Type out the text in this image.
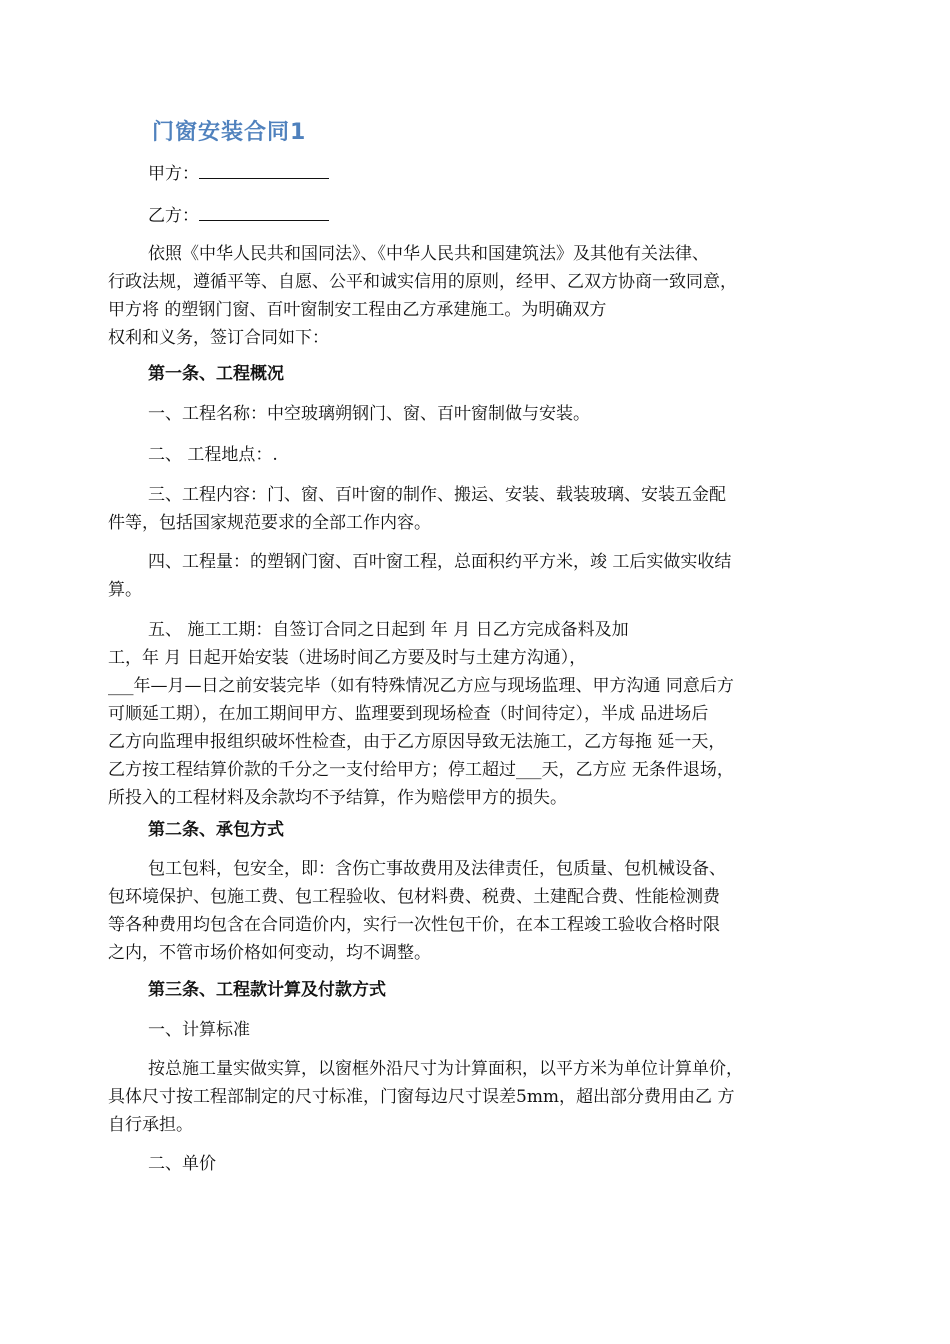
门窗安装合同1
甲方：
乙方：
依照《中华人民共和国同法》、《中华人民共和国建筑法》及其他有关法律、
行政法规，遵循平等、自愿、公平和诚实信用的原则，经甲、乙双方协商一致同意，
甲方将 的塑钢门窗、百叶窗制安工程由乙方承建施工。为明确双方
权利和义务，签订合同如下：
第一条、工程概况
一、工程名称：中空玻璃朔钢门、窗、百叶窗制做与安装。
二、 工程地点：.
三、工程内容：门、窗、百叶窗的制作、搬运、安装、载装玻璃、安装五金配
件等，包括国家规范要求的全部工作内容。
四、工程量：的塑钢门窗、百叶窗工程，总面积约平方米，竣 工后实做实收结
算。
五、 施工工期：自签订合同之日起到 年 月 日乙方完成备料及加
工，年 月 日起开始安装（进场时间乙方要及时与土建方沟通），
___年—月—日之前安装完毕（如有特殊情况乙方应与现场监理、甲方沟通 同意后方
可顺延工期），在加工期间甲方、监理要到现场检查（时间待定），半成 品进场后
乙方向监理申报组织破坏性检查，由于乙方原因导致无法施工，乙方每拖 延一天，
乙方按工程结算价款的千分之一支付给甲方；停工超过___天，乙方应 无条件退场，
所投入的工程材料及余款均不予结算，作为赔偿甲方的损失。
第二条、承包方式
包工包料，包安全，即：含伤亡事故费用及法律责任，包质量、包机械设备、
包环境保护、包施工费、包工程验收、包材料费、税费、土建配合费、性能检测费
等各种费用均包含在合同造价内，实行一次性包干价，在本工程竣工验收合格时限
之内，不管市场价格如何变动，均不调整。
第三条、工程款计算及付款方式
一、计算标准
按总施工量实做实算，以窗框外沿尺寸为计算面积，以平方米为单位计算单价，
具体尺寸按工程部制定的尺寸标准，门窗每边尺寸误差5mm，超出部分费用由乙 方
自行承担。
二、单价
